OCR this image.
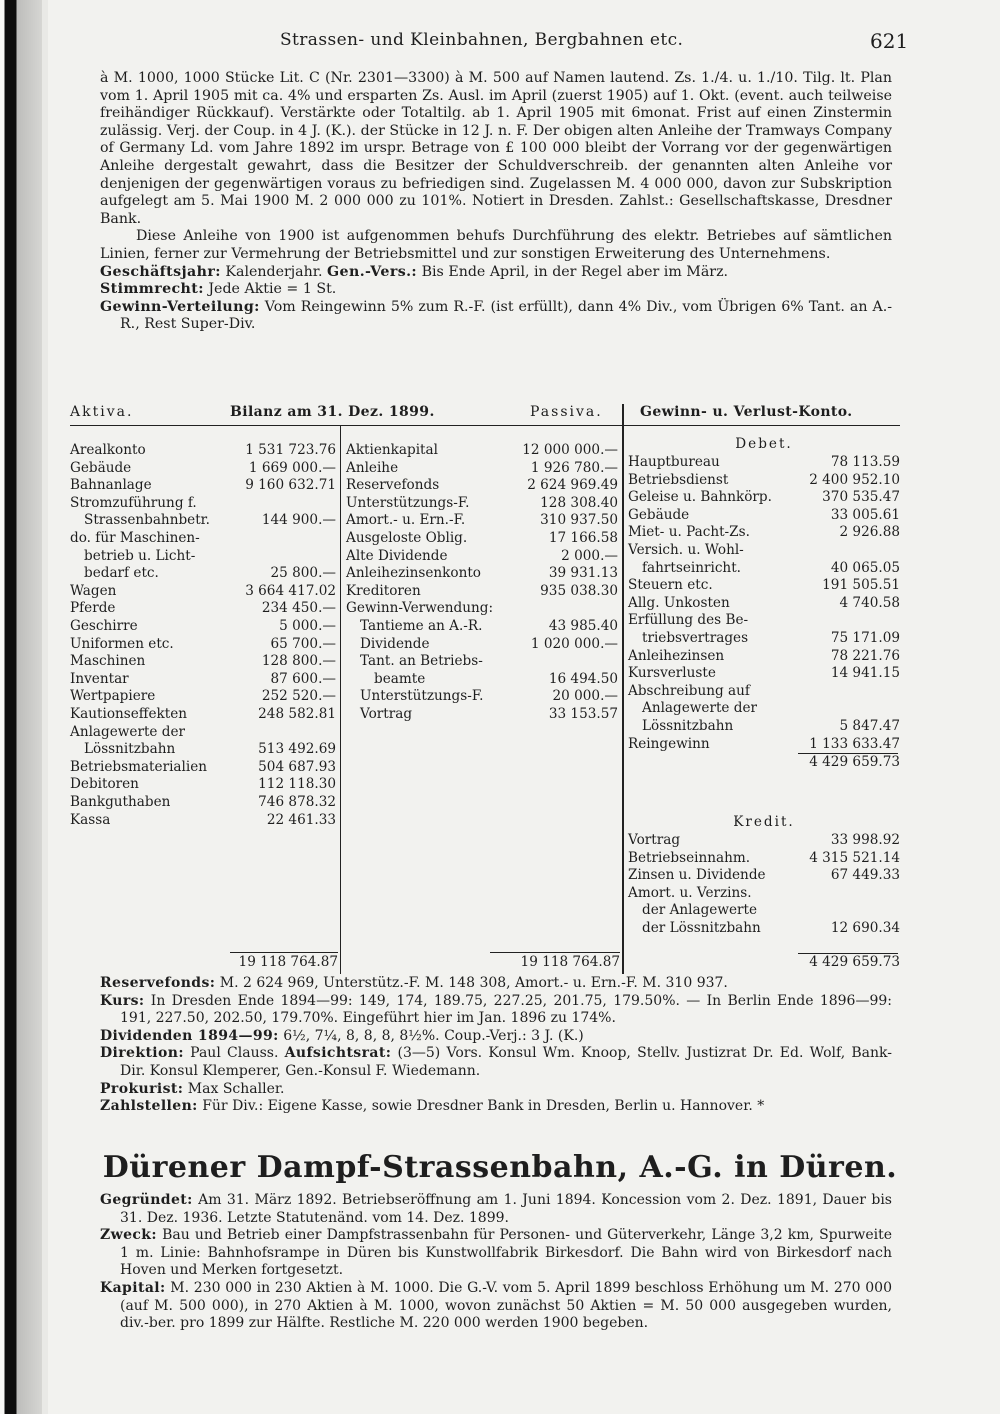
Strassen- und Kleinbahnen, Bergbahnen etc.	621

à M. 1000, 1000 Stücke Lit. C (Nr. 2301—3300) à M. 500 auf Namen lautend. Zs. 1./4. u. 1./10. Tilg. lt. Plan vom 1. April 1905 mit ca. 4% und ersparten Zs. Ausl. im April (zuerst 1905) auf 1. Okt. (event. auch teilweise freihändiger Rückkauf). Verstärkte oder Totaltilg. ab 1. April 1905 mit 6monat. Frist auf einen Zinstermin zulässig. Verj. der Coup. in 4 J. (K.). der Stücke in 12 J. n. F. Der obigen alten Anleihe der Tramways Company of Germany Ld. vom Jahre 1892 im urspr. Betrage von £ 100 000 bleibt der Vorrang vor der gegenwärtigen Anleihe dergestalt gewahrt, dass die Besitzer der Schuldverschreib. der genannten alten Anleihe vor denjenigen der gegenwärtigen voraus zu befriedigen sind. Zugelassen M. 4 000 000, davon zur Subskription aufgelegt am 5. Mai 1900 M. 2 000 000 zu 101%. Notiert in Dresden. Zahlst.: Gesellschaftskasse, Dresdner Bank.

Diese Anleihe von 1900 ist aufgenommen behufs Durchführung des elektr. Betriebes auf sämtlichen Linien, ferner zur Vermehrung der Betriebsmittel und zur sonstigen Erweiterung des Unternehmens.

Geschäftsjahr: Kalenderjahr. Gen.-Vers.: Bis Ende April, in der Regel aber im März.

Stimmrecht: Jede Aktie = 1 St.

Gewinn-Verteilung: Vom Reingewinn 5% zum R.-F. (ist erfüllt), dann 4% Div., vom Übrigen 6% Tant. an A.-R., Rest Super-Div.

Aktiva.	Bilanz am 31. Dez. 1899.	Passiva.	Gewinn- u. Verlust-Konto.
Arealkonto	1 531 723.76
Gebäude	1 669 000.—
Bahnanlage	9 160 632.71
Stromzuführung f.
Strassenbahnbetr.	144 900.—
do. für Maschinen-
betrieb u. Licht-
bedarf etc.	25 800.—
Wagen	3 664 417.02
Pferde	234 450.—
Geschirre	5 000.—
Uniformen etc.	65 700.—
Maschinen	128 800.—
Inventar	87 600.—
Wertpapiere	252 520.—
Kautionseffekten	248 582.81
Anlagewerte der
Lössnitzbahn	513 492.69
Betriebsmaterialien	504 687.93
Debitoren	112 118.30
Bankguthaben	746 878.32
Kassa	22 461.33
Aktienkapital	12 000 000.—
Anleihe	1 926 780.—
Reservefonds	2 624 969.49
Unterstützungs-F.	128 308.40
Amort.- u. Ern.-F.	310 937.50
Ausgeloste Oblig.	17 166.58
Alte Dividende	2 000.—
Anleihezinsenkonto	39 931.13
Kreditoren	935 038.30
Gewinn-Verwendung:
Tantieme an A.-R.	43 985.40
Dividende	1 020 000.—
Tant. an Betriebs-
beamte	16 494.50
Unterstützungs-F.	20 000.—
Vortrag	33 153.57
Debet.
Hauptbureau	78 113.59
Betriebsdienst	2 400 952.10
Geleise u. Bahnkörp.	370 535.47
Gebäude	33 005.61
Miet- u. Pacht-Zs.	2 926.88
Versich. u. Wohl-
fahrtseinricht.	40 065.05
Steuern etc.	191 505.51
Allg. Unkosten	4 740.58
Erfüllung des Be-
triebsvertrages	75 171.09
Anleihezinsen	78 221.76
Kursverluste	14 941.15
Abschreibung auf
Anlagewerte der
Lössnitzbahn	5 847.47
Reingewinn	1 133 633.47
4 429 659.73
Kredit.
Vortrag	33 998.92
Betriebseinnahm.	4 315 521.14
Zinsen u. Dividende	67 449.33
Amort. u. Verzins.
der Anlagewerte
der Lössnitzbahn	12 690.34
4 429 659.73
19 118 764.87	19 118 764.87

Reservefonds: M. 2 624 969, Unterstütz.-F. M. 148 308, Amort.- u. Ern.-F. M. 310 937.

Kurs: In Dresden Ende 1894—99: 149, 174, 189.75, 227.25, 201.75, 179.50%. — In Berlin Ende 1896—99: 191, 227.50, 202.50, 179.70%. Eingeführt hier im Jan. 1896 zu 174%.

Dividenden 1894—99: 6½, 7¼, 8, 8, 8, 8½%. Coup.-Verj.: 3 J. (K.)

Direktion: Paul Clauss. Aufsichtsrat: (3—5) Vors. Konsul Wm. Knoop, Stellv. Justizrat Dr. Ed. Wolf, Bank-Dir. Konsul Klemperer, Gen.-Konsul F. Wiedemann.

Prokurist: Max Schaller.

Zahlstellen: Für Div.: Eigene Kasse, sowie Dresdner Bank in Dresden, Berlin u. Hannover. *

Dürener Dampf-Strassenbahn, A.-G. in Düren.

Gegründet: Am 31. März 1892. Betriebseröffnung am 1. Juni 1894. Koncession vom 2. Dez. 1891, Dauer bis 31. Dez. 1936. Letzte Statutenänd. vom 14. Dez. 1899.

Zweck: Bau und Betrieb einer Dampfstrassenbahn für Personen- und Güterverkehr, Länge 3,2 km, Spurweite 1 m. Linie: Bahnhofsrampe in Düren bis Kunstwollfabrik Birkesdorf. Die Bahn wird von Birkesdorf nach Hoven und Merken fortgesetzt.

Kapital: M. 230 000 in 230 Aktien à M. 1000. Die G.-V. vom 5. April 1899 beschloss Erhöhung um M. 270 000 (auf M. 500 000), in 270 Aktien à M. 1000, wovon zunächst 50 Aktien = M. 50 000 ausgegeben wurden, div.-ber. pro 1899 zur Hälfte. Restliche M. 220 000 werden 1900 begeben.
